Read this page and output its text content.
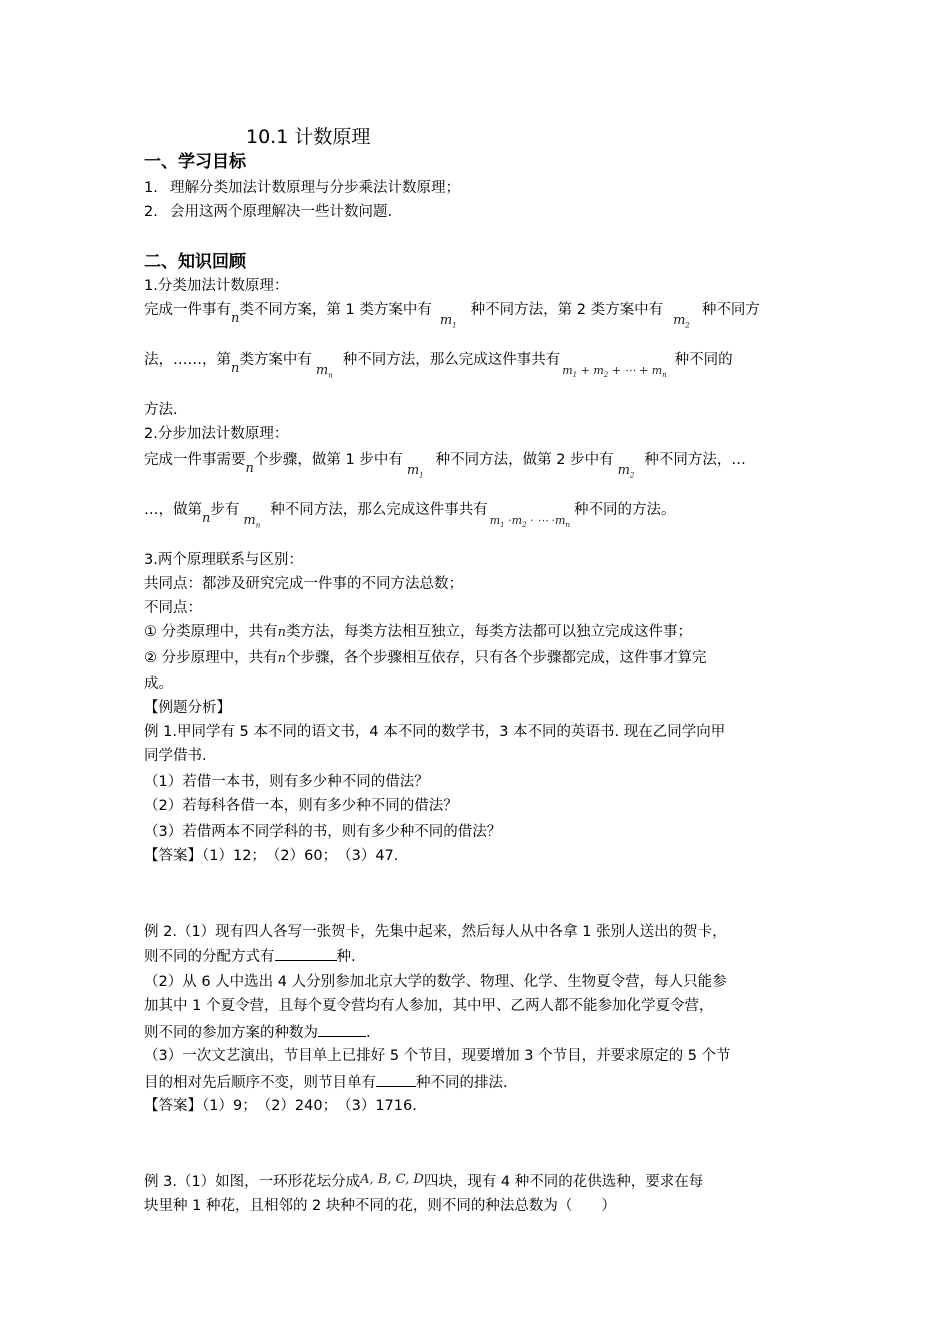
10.1 计数原理
一、学习目标
1. 理解分类加法计数原理与分步乘法计数原理；
2. 会用这两个原理解决一些计数问题.
二、知识回顾
1.分类加法计数原理：
完成一件事有n类不同方案，第 1 类方案中有$m_1$种不同方法，第 2 类方案中有$m_2$种不同方
法，……，第n类方案中有$m_n$种不同方法，那么完成这件事共有$_{m_1 + m_2 + \cdots + m_n}$种不同的
方法.
2.分步加法计数原理：
完成一件事需要n个步骤，做第 1 步中有$m_1$种不同方法，做第 2 步中有$m_2$种不同方法，…
…，做第n步有$m_n$种不同方法，那么完成这件事共有$_{m_1 \cdot m_2 \cdot \cdots \cdot m_n}$种不同的方法。
3.两个原理联系与区别：
共同点：都涉及研究完成一件事的不同方法总数；
不同点：
① 分类原理中，共有n类方法，每类方法相互独立，每类方法都可以独立完成这件事；
② 分步原理中，共有n个步骤，各个步骤相互依存，只有各个步骤都完成，这件事才算完
成。
【例题分析】
例 1.甲同学有 5 本不同的语文书，4 本不同的数学书，3 本不同的英语书. 现在乙同学向甲
同学借书.
（1）若借一本书，则有多少种不同的借法？
（2）若每科各借一本，则有多少种不同的借法？
（3）若借两本不同学科的书，则有多少种不同的借法？
【答案】（1）12；　（2）60；　（3）47.
例 2.（1）现有四人各写一张贺卡，先集中起来，然后每人从中各拿 1 张别人送出的贺卡，
则不同的分配方式有	种.
（2）从 6 人中选出 4 人分别参加北京大学的数学、物理、化学、生物夏令营，每人只能参
加其中 1 个夏令营，且每个夏令营均有人参加，其中甲、乙两人都不能参加化学夏令营，
则不同的参加方案的种数为	.
（3）一次文艺演出，节目单上已排好 5 个节目，现要增加 3 个节目，并要求原定的 5 个节
目的相对先后顺序不变，则节目单有	种不同的排法.
【答案】（1）9；　（2）240；　（3）1716.
例 3.（1）如图，一环形花坛分成A, B, C, D四块，现有 4 种不同的花供选种，要求在每
块里种 1 种花，且相邻的 2 块种不同的花，则不同的种法总数为（　　）
